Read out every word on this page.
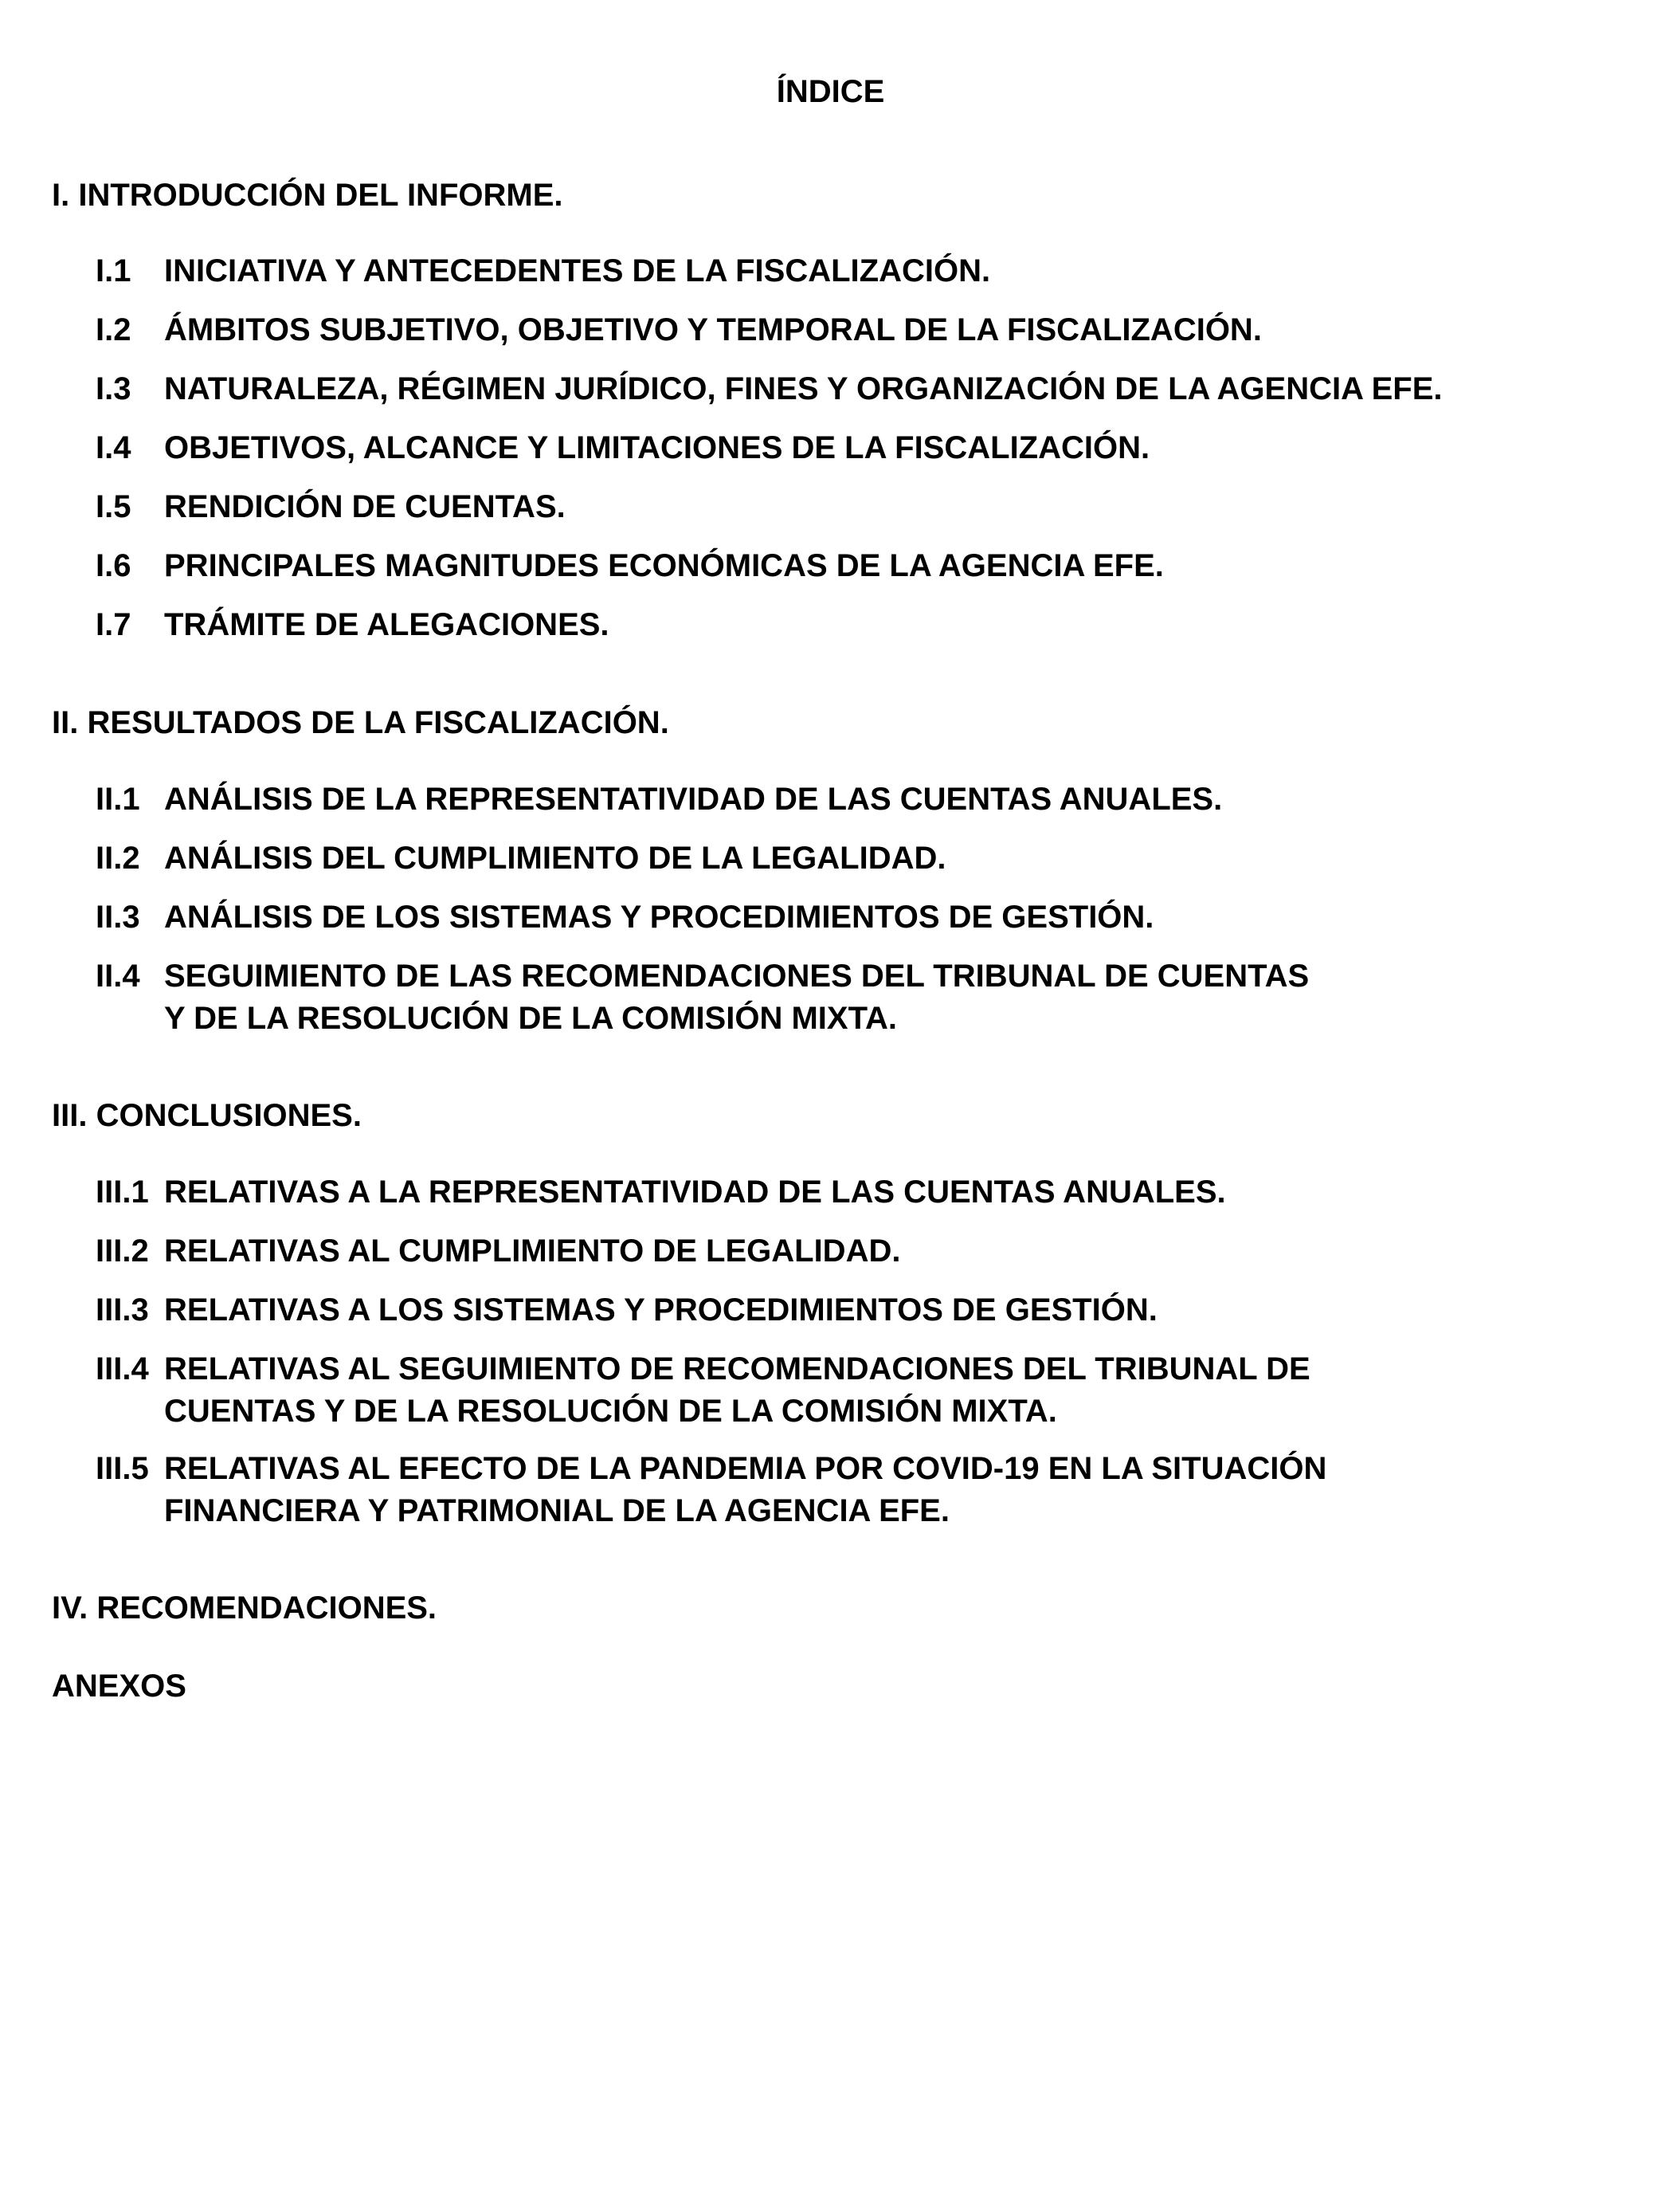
ÍNDICE
I. INTRODUCCIÓN DEL INFORME.
I.1 INICIATIVA Y ANTECEDENTES DE LA FISCALIZACIÓN.
I.2 ÁMBITOS SUBJETIVO, OBJETIVO Y TEMPORAL DE LA FISCALIZACIÓN.
I.3 NATURALEZA, RÉGIMEN JURÍDICO, FINES Y ORGANIZACIÓN DE LA AGENCIA EFE.
I.4 OBJETIVOS, ALCANCE Y LIMITACIONES DE LA FISCALIZACIÓN.
I.5 RENDICIÓN DE CUENTAS.
I.6 PRINCIPALES MAGNITUDES ECONÓMICAS DE LA AGENCIA EFE.
I.7 TRÁMITE DE ALEGACIONES.
II. RESULTADOS DE LA FISCALIZACIÓN.
II.1 ANÁLISIS DE LA REPRESENTATIVIDAD DE LAS CUENTAS ANUALES.
II.2 ANÁLISIS DEL CUMPLIMIENTO DE LA LEGALIDAD.
II.3 ANÁLISIS DE LOS SISTEMAS Y PROCEDIMIENTOS DE GESTIÓN.
II.4 SEGUIMIENTO DE LAS RECOMENDACIONES DEL TRIBUNAL DE CUENTAS
Y DE LA RESOLUCIÓN DE LA COMISIÓN MIXTA.
III. CONCLUSIONES.
III.1 RELATIVAS A LA REPRESENTATIVIDAD DE LAS CUENTAS ANUALES.
III.2 RELATIVAS AL CUMPLIMIENTO DE LEGALIDAD.
III.3 RELATIVAS A LOS SISTEMAS Y PROCEDIMIENTOS DE GESTIÓN.
III.4 RELATIVAS AL SEGUIMIENTO DE RECOMENDACIONES DEL TRIBUNAL DE
CUENTAS Y DE LA RESOLUCIÓN DE LA COMISIÓN MIXTA.
III.5 RELATIVAS AL EFECTO DE LA PANDEMIA POR COVID-19 EN LA SITUACIÓN
FINANCIERA Y PATRIMONIAL DE LA AGENCIA EFE.
IV. RECOMENDACIONES.
ANEXOS
